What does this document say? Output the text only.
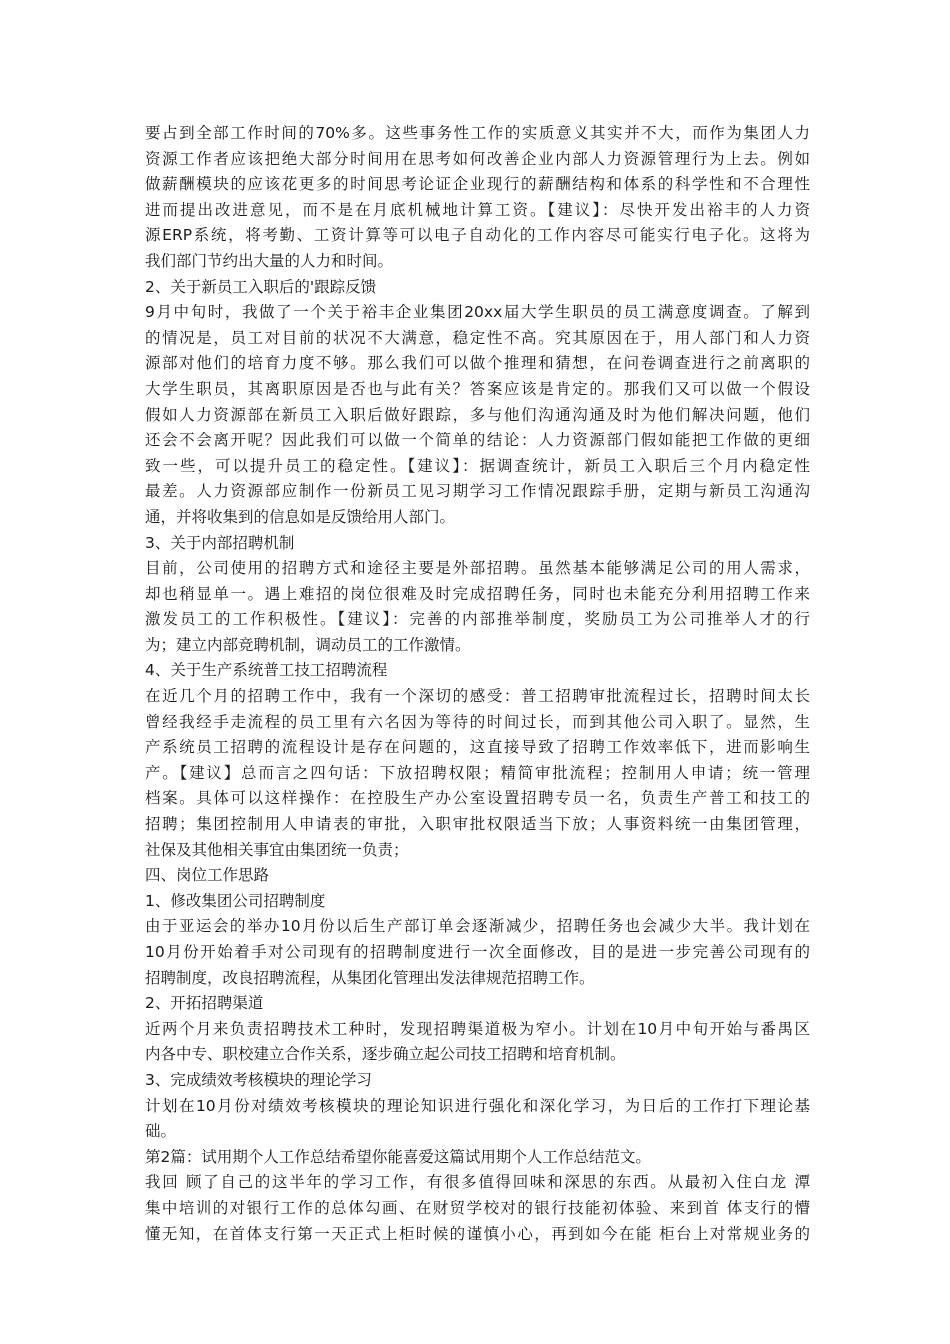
要占到全部工作时间的70%多。这些事务性工作的实质意义其实并不大，而作为集团人力
资源工作者应该把绝大部分时间用在思考如何改善企业内部人力资源管理行为上去。例如
做薪酬模块的应该花更多的时间思考论证企业现行的薪酬结构和体系的科学性和不合理性
进而提出改进意见，而不是在月底机械地计算工资。【建议】：尽快开发出裕丰的人力资
源ERP系统，将考勤、工资计算等可以电子自动化的工作内容尽可能实行电子化。这将为
我们部门节约出大量的人力和时间。
2、关于新员工入职后的'跟踪反馈
9月中旬时，我做了一个关于裕丰企业集团20xx届大学生职员的员工满意度调查。了解到
的情况是，员工对目前的状况不大满意，稳定性不高。究其原因在于，用人部门和人力资
源部对他们的培育力度不够。那么我们可以做个推理和猜想，在问卷调查进行之前离职的
大学生职员，其离职原因是否也与此有关？答案应该是肯定的。那我们又可以做一个假设
假如人力资源部在新员工入职后做好跟踪，多与他们沟通沟通及时为他们解决问题，他们
还会不会离开呢？因此我们可以做一个简单的结论：人力资源部门假如能把工作做的更细
致一些，可以提升员工的稳定性。【建议】：据调查统计，新员工入职后三个月内稳定性
最差。人力资源部应制作一份新员工见习期学习工作情况跟踪手册，定期与新员工沟通沟
通，并将收集到的信息如是反馈给用人部门。
3、关于内部招聘机制
目前，公司使用的招聘方式和途径主要是外部招聘。虽然基本能够满足公司的用人需求，
却也稍显单一。遇上难招的岗位很难及时完成招聘任务，同时也未能充分利用招聘工作来
激发员工的工作积极性。【建议】：完善的内部推举制度，奖励员工为公司推举人才的行
为；建立内部竞聘机制，调动员工的工作激情。
4、关于生产系统普工技工招聘流程
在近几个月的招聘工作中，我有一个深切的感受：普工招聘审批流程过长，招聘时间太长
曾经我经手走流程的员工里有六名因为等待的时间过长，而到其他公司入职了。显然，生
产系统员工招聘的流程设计是存在问题的，这直接导致了招聘工作效率低下，进而影响生
产。【建议】总而言之四句话：下放招聘权限；精简审批流程；控制用人申请；统一管理
档案。具体可以这样操作：在控股生产办公室设置招聘专员一名，负责生产普工和技工的
招聘；集团控制用人申请表的审批，入职审批权限适当下放；人事资料统一由集团管理，
社保及其他相关事宜由集团统一负责；
四、岗位工作思路
1、修改集团公司招聘制度
由于亚运会的举办10月份以后生产部订单会逐渐减少，招聘任务也会减少大半。我计划在
10月份开始着手对公司现有的招聘制度进行一次全面修改，目的是进一步完善公司现有的
招聘制度，改良招聘流程，从集团化管理出发法律规范招聘工作。
2、开拓招聘渠道
近两个月来负责招聘技术工种时，发现招聘渠道极为窄小。计划在10月中旬开始与番禺区
内各中专、职校建立合作关系，逐步确立起公司技工招聘和培育机制。
3、完成绩效考核模块的理论学习
计划在10月份对绩效考核模块的理论知识进行强化和深化学习，为日后的工作打下理论基
础。
第2篇：试用期个人工作总结希望你能喜爱这篇试用期个人工作总结范文。
我回 顾了自己的这半年的学习工作，有很多值得回味和深思的东西。从最初入住白龙 潭
集中培训的对银行工作的总体勾画、在财贸学校对的银行技能初体验、来到首 体支行的懵
懂无知，在首体支行第一天正式上柜时候的谨慎小心，再到如今在能 柜台上对常规业务的
